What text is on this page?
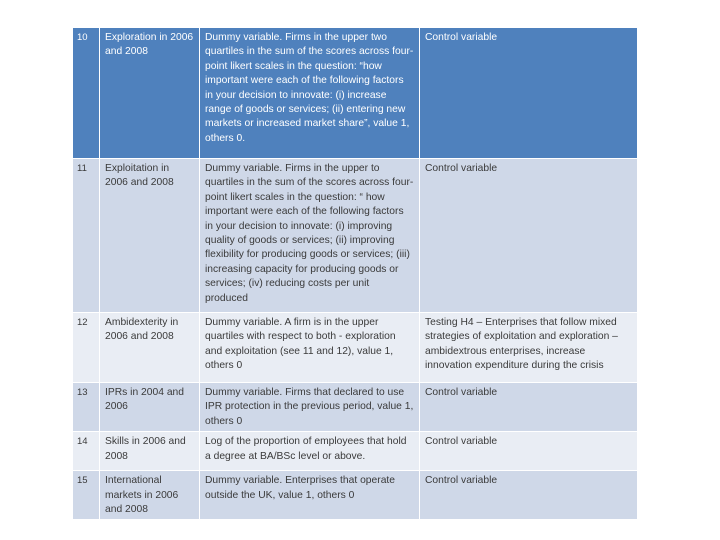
10	Exploration in 2006 and 2008	Dummy variable. Firms in the upper two quartiles in the sum of the scores across four-point likert scales in the question: “how important were each of the following factors in your decision to innovate: (i) increase range of goods or services; (ii) entering new markets or increased market share”, value 1, others 0.	Control variable
11	Exploitation in 2006 and 2008	Dummy variable. Firms in the upper to quartiles in the sum of the scores across four-point likert scales in the question: “ how important were each of the following factors in your decision to innovate: (i) improving quality of goods or services; (ii) improving flexibility for producing goods or services; (iii) increasing capacity for producing goods or services; (iv) reducing costs per unit produced	Control variable
12	Ambidexterity in 2006 and 2008	Dummy variable. A firm is in the upper quartiles with respect to both - exploration and exploitation (see 11 and 12), value 1, others 0	Testing H4 – Enterprises that follow mixed strategies of exploitation and exploration – ambidextrous enterprises, increase innovation expenditure during the crisis
13	IPRs in 2004 and 2006	Dummy variable. Firms that declared to use IPR protection in the previous period, value 1, others 0	Control variable
14	Skills in 2006 and 2008	Log of the proportion of employees that hold a degree at BA/BSc level or above.	Control variable
15	International markets in 2006 and 2008	Dummy variable. Enterprises that operate outside the UK, value 1, others 0	Control variable
